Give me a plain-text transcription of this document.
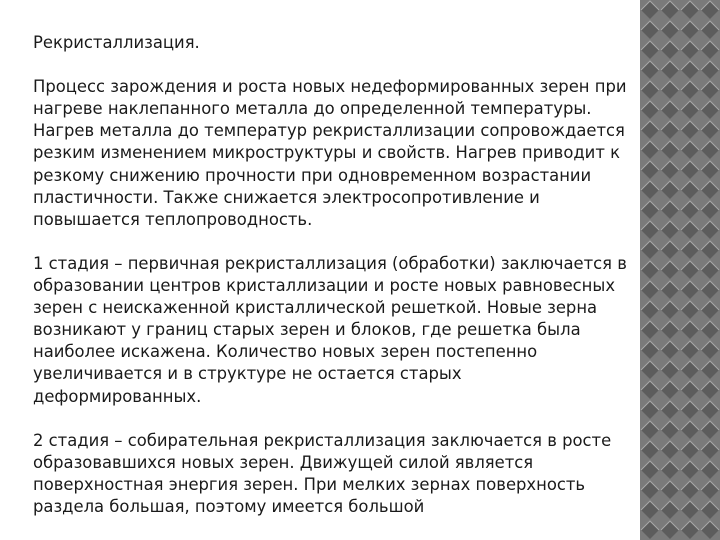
Рекристаллизация.

Процесс зарождения и роста новых недеформированных зерен при нагреве наклепанного металла до определенной температуры. Нагрев металла до температур рекристаллизации сопровождается резким изменением микроструктуры и свойств. Нагрев приводит к резкому снижению прочности при одновременном возрастании пластичности. Также снижается электросопротивление и повышается теплопроводность.

1 стадия – первичная рекристаллизация (обработки) заключается в образовании центров кристаллизации и росте новых равновесных зерен с неискаженной кристаллической решеткой. Новые зерна возникают у границ старых зерен и блоков, где решетка была наиболее искажена. Количество новых зерен постепенно увеличивается и в структуре не остается старых деформированных.

2 стадия – собирательная рекристаллизация заключается в росте образовавшихся новых зерен. Движущей силой является поверхностная энергия зерен. При мелких зернах поверхность раздела большая, поэтому имеется большой
